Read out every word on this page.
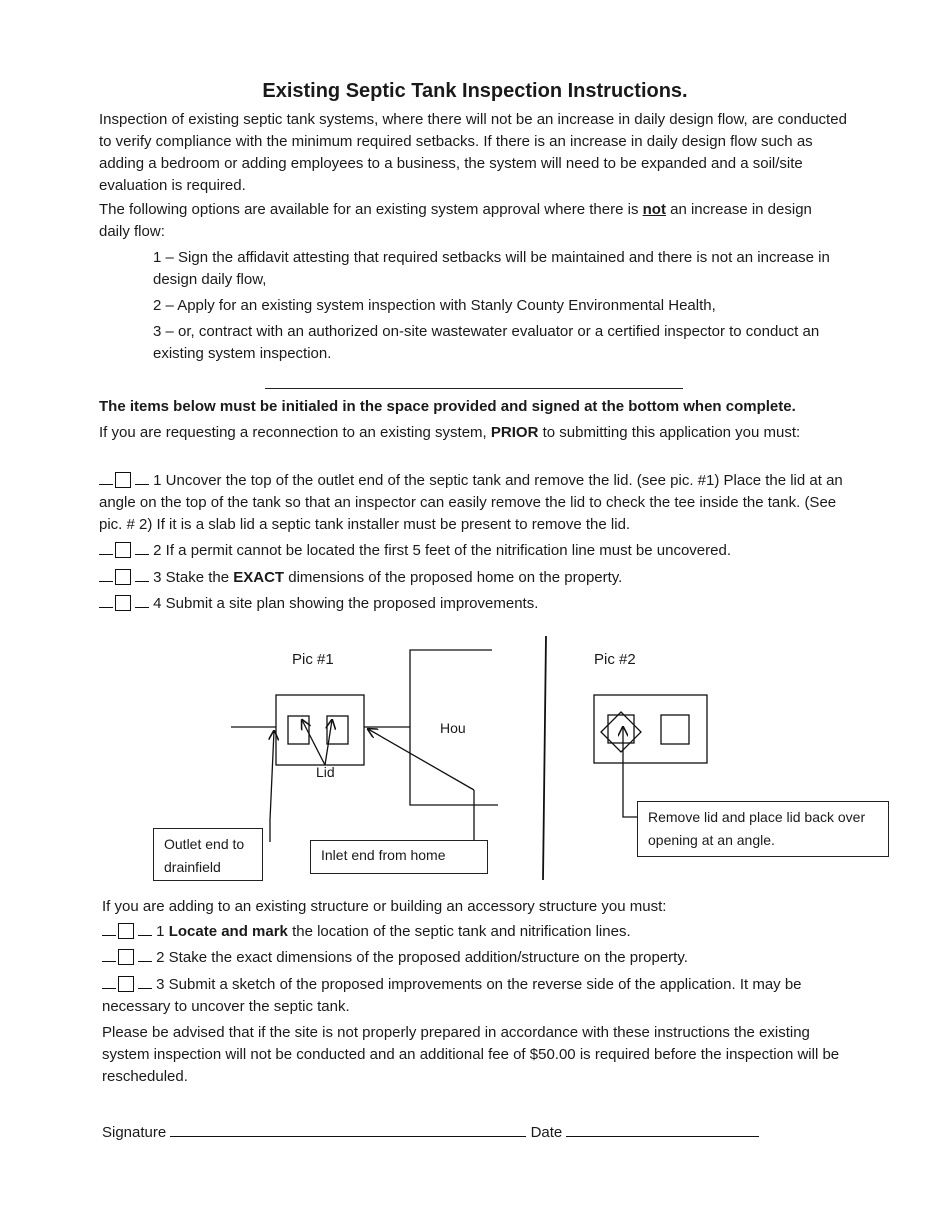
Existing Septic Tank Inspection Instructions.

Inspection of existing septic tank systems, where there will not be an increase in daily design flow, are conducted to verify compliance with the minimum required setbacks. If there is an increase in daily design flow such as adding a bedroom or adding employees to a business, the system will need to be expanded and a soil/site evaluation is required.

The following options are available for an existing system approval where there is not an increase in design daily flow:

1 – Sign the affidavit attesting that required setbacks will be maintained and there is not an increase in design daily flow,

2 – Apply for an existing system inspection with Stanly County Environmental Health,

3 – or, contract with an authorized on-site wastewater evaluator or a certified inspector to conduct an existing system inspection.

The items below must be initialed in the space provided and signed at the bottom when complete.

If you are requesting a reconnection to an existing system, PRIOR to submitting this application you must:

1 Uncover the top of the outlet end of the septic tank and remove the lid. (see pic. #1) Place the lid at an angle on the top of the tank so that an inspector can easily remove the lid to check the tee inside the tank. (See pic. # 2) If it is a slab lid a septic tank installer must be present to remove the lid.

2 If a permit cannot be located the first 5 feet of the nitrification line must be uncovered.

3 Stake the EXACT dimensions of the proposed home on the property.

4 Submit a site plan showing the proposed improvements.

Pic #1	Pic #2
Hou
Lid
Outlet end to drainfield
Inlet end from home
Remove lid and place lid back over opening at an angle.

If you are adding to an existing structure or building an accessory structure you must:

1 Locate and mark the location of the septic tank and nitrification lines.

2 Stake the exact dimensions of the proposed addition/structure on the property.

3 Submit a sketch of the proposed improvements on the reverse side of the application. It may be necessary to uncover the septic tank.

Please be advised that if the site is not properly prepared in accordance with these instructions the existing system inspection will not be conducted and an additional fee of $50.00 is required before the inspection will be rescheduled.

Signature	Date
